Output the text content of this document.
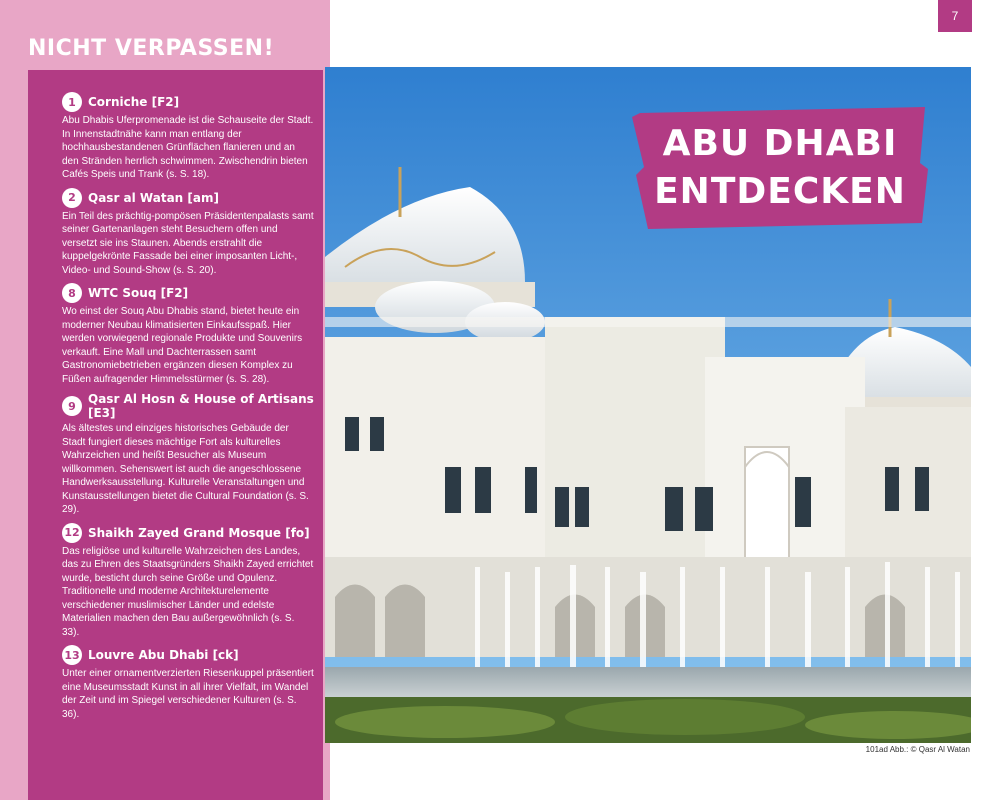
NICHT VERPASSEN!
1	Corniche [F2]
Abu Dhabis Uferpromenade ist die Schauseite der Stadt. In Innenstadtnähe kann man entlang der hochhausbestandenen Grünflächen flanieren und an den Stränden herrlich schwimmen. Zwischendrin bieten Cafés Speis und Trank (s. S. 18).
2	Qasr al Watan [am]
Ein Teil des prächtig-pompösen Präsidentenpalasts samt seiner Gartenanlagen steht Besuchern offen und versetzt sie ins Staunen. Abends erstrahlt die kuppelgekrönte Fassade bei einer imposanten Licht-, Video- und Sound-Show (s. S. 20).
8	WTC Souq [F2]
Wo einst der Souq Abu Dhabis stand, bietet heute ein moderner Neubau klimatisierten Einkaufsspaß. Hier werden vorwiegend regionale Produkte und Souvenirs verkauft. Eine Mall und Dachterrassen samt Gastronomiebetrieben ergänzen diesen Komplex zu Füßen aufragender Himmelsstürmer (s. S. 28).
9	Qasr Al Hosn & House of Artisans [E3]
Als ältestes und einziges historisches Gebäude der Stadt fungiert dieses mächtige Fort als kulturelles Wahrzeichen und heißt Besucher als Museum willkommen. Sehenswert ist auch die angeschlossene Handwerksausstellung. Kulturelle Veranstaltungen und Kunstausstellungen bietet die Cultural Foundation (s. S. 29).
12 Shaikh Zayed Grand Mosque [fo]
Das religiöse und kulturelle Wahrzeichen des Landes, das zu Ehren des Staatsgründers Shaikh Zayed errichtet wurde, besticht durch seine Größe und Opulenz. Traditionelle und moderne Architekturelemente verschiedener muslimischer Länder und edelste Materialien machen den Bau außergewöhnlich (s. S. 33).
13 Louvre Abu Dhabi [ck]
Unter einer ornamentverzierten Riesenkuppel präsentiert eine Museumsstadt Kunst in all ihrer Vielfalt, im Wandel der Zeit und im Spiegel verschiedener Kulturen (s. S. 36).
ABU DHABI
ENTDECKEN
7
101ad Abb.: © Qasr Al Watan
